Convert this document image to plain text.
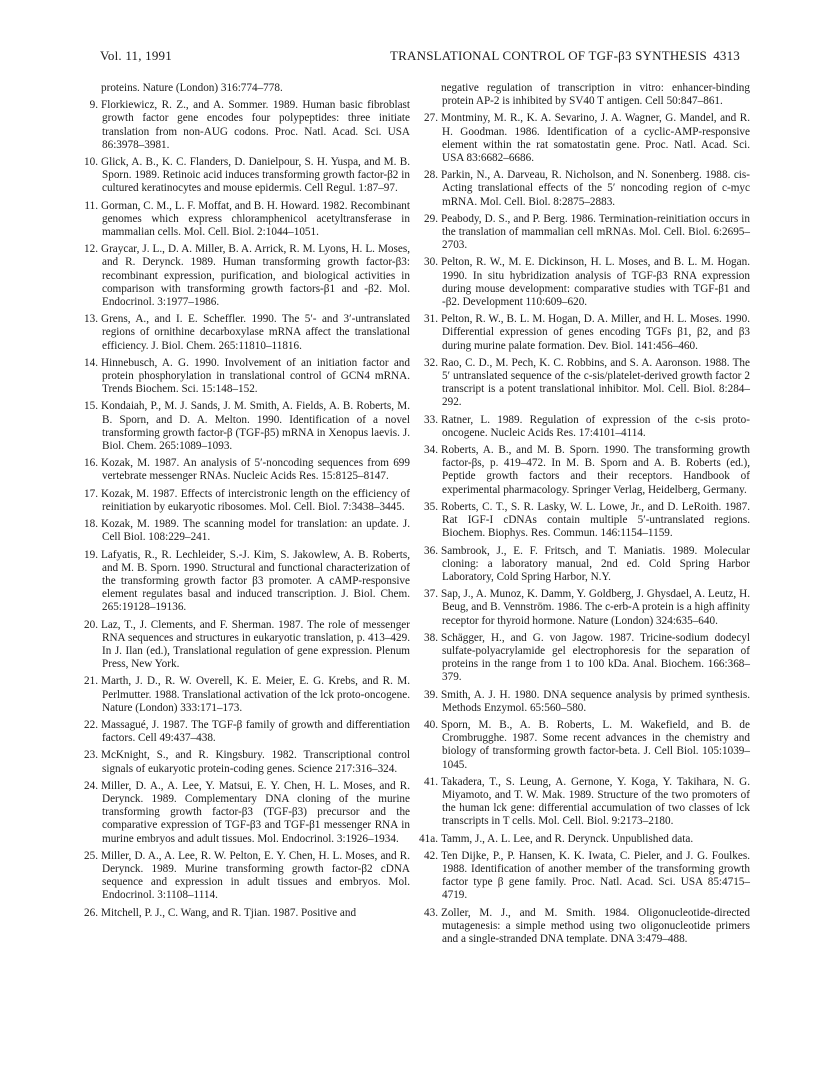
Vol. 11, 1991	TRANSLATIONAL CONTROL OF TGF-β3 SYNTHESIS 4313
proteins. Nature (London) 316:774–778.
9. Florkiewicz, R. Z., and A. Sommer. 1989. Human basic fibroblast growth factor gene encodes four polypeptides: three initiate translation from non-AUG codons. Proc. Natl. Acad. Sci. USA 86:3978–3981.
10. Glick, A. B., K. C. Flanders, D. Danielpour, S. H. Yuspa, and M. B. Sporn. 1989. Retinoic acid induces transforming growth factor-β2 in cultured keratinocytes and mouse epidermis. Cell Regul. 1:87–97.
11. Gorman, C. M., L. F. Moffat, and B. H. Howard. 1982. Recombinant genomes which express chloramphenicol acetyltransferase in mammalian cells. Mol. Cell. Biol. 2:1044–1051.
12. Graycar, J. L., D. A. Miller, B. A. Arrick, R. M. Lyons, H. L. Moses, and R. Derynck. 1989. Human transforming growth factor-β3: recombinant expression, purification, and biological activities in comparison with transforming growth factors-β1 and -β2. Mol. Endocrinol. 3:1977–1986.
13. Grens, A., and I. E. Scheffler. 1990. The 5′- and 3′-untranslated regions of ornithine decarboxylase mRNA affect the translational efficiency. J. Biol. Chem. 265:11810–11816.
14. Hinnebusch, A. G. 1990. Involvement of an initiation factor and protein phosphorylation in translational control of GCN4 mRNA. Trends Biochem. Sci. 15:148–152.
15. Kondaiah, P., M. J. Sands, J. M. Smith, A. Fields, A. B. Roberts, M. B. Sporn, and D. A. Melton. 1990. Identification of a novel transforming growth factor-β (TGF-β5) mRNA in Xenopus laevis. J. Biol. Chem. 265:1089–1093.
16. Kozak, M. 1987. An analysis of 5′-noncoding sequences from 699 vertebrate messenger RNAs. Nucleic Acids Res. 15:8125–8147.
17. Kozak, M. 1987. Effects of intercistronic length on the efficiency of reinitiation by eukaryotic ribosomes. Mol. Cell. Biol. 7:3438–3445.
18. Kozak, M. 1989. The scanning model for translation: an update. J. Cell Biol. 108:229–241.
19. Lafyatis, R., R. Lechleider, S.-J. Kim, S. Jakowlew, A. B. Roberts, and M. B. Sporn. 1990. Structural and functional characterization of the transforming growth factor β3 promoter. A cAMP-responsive element regulates basal and induced transcription. J. Biol. Chem. 265:19128–19136.
20. Laz, T., J. Clements, and F. Sherman. 1987. The role of messenger RNA sequences and structures in eukaryotic translation, p. 413–429. In J. Ilan (ed.), Translational regulation of gene expression. Plenum Press, New York.
21. Marth, J. D., R. W. Overell, K. E. Meier, E. G. Krebs, and R. M. Perlmutter. 1988. Translational activation of the lck proto-oncogene. Nature (London) 333:171–173.
22. Massagué, J. 1987. The TGF-β family of growth and differentiation factors. Cell 49:437–438.
23. McKnight, S., and R. Kingsbury. 1982. Transcriptional control signals of eukaryotic protein-coding genes. Science 217:316–324.
24. Miller, D. A., A. Lee, Y. Matsui, E. Y. Chen, H. L. Moses, and R. Derynck. 1989. Complementary DNA cloning of the murine transforming growth factor-β3 (TGF-β3) precursor and the comparative expression of TGF-β3 and TGF-β1 messenger RNA in murine embryos and adult tissues. Mol. Endocrinol. 3:1926–1934.
25. Miller, D. A., A. Lee, R. W. Pelton, E. Y. Chen, H. L. Moses, and R. Derynck. 1989. Murine transforming growth factor-β2 cDNA sequence and expression in adult tissues and embryos. Mol. Endocrinol. 3:1108–1114.
26. Mitchell, P. J., C. Wang, and R. Tjian. 1987. Positive and
negative regulation of transcription in vitro: enhancer-binding protein AP-2 is inhibited by SV40 T antigen. Cell 50:847–861.
27. Montminy, M. R., K. A. Sevarino, J. A. Wagner, G. Mandel, and R. H. Goodman. 1986. Identification of a cyclic-AMP-responsive element within the rat somatostatin gene. Proc. Natl. Acad. Sci. USA 83:6682–6686.
28. Parkin, N., A. Darveau, R. Nicholson, and N. Sonenberg. 1988. cis-Acting translational effects of the 5′ noncoding region of c-myc mRNA. Mol. Cell. Biol. 8:2875–2883.
29. Peabody, D. S., and P. Berg. 1986. Termination-reinitiation occurs in the translation of mammalian cell mRNAs. Mol. Cell. Biol. 6:2695–2703.
30. Pelton, R. W., M. E. Dickinson, H. L. Moses, and B. L. M. Hogan. 1990. In situ hybridization analysis of TGF-β3 RNA expression during mouse development: comparative studies with TGF-β1 and -β2. Development 110:609–620.
31. Pelton, R. W., B. L. M. Hogan, D. A. Miller, and H. L. Moses. 1990. Differential expression of genes encoding TGFs β1, β2, and β3 during murine palate formation. Dev. Biol. 141:456–460.
32. Rao, C. D., M. Pech, K. C. Robbins, and S. A. Aaronson. 1988. The 5′ untranslated sequence of the c-sis/platelet-derived growth factor 2 transcript is a potent translational inhibitor. Mol. Cell. Biol. 8:284–292.
33. Ratner, L. 1989. Regulation of expression of the c-sis proto-oncogene. Nucleic Acids Res. 17:4101–4114.
34. Roberts, A. B., and M. B. Sporn. 1990. The transforming growth factor-βs, p. 419–472. In M. B. Sporn and A. B. Roberts (ed.), Peptide growth factors and their receptors. Handbook of experimental pharmacology. Springer Verlag, Heidelberg, Germany.
35. Roberts, C. T., S. R. Lasky, W. L. Lowe, Jr., and D. LeRoith. 1987. Rat IGF-I cDNAs contain multiple 5′-untranslated regions. Biochem. Biophys. Res. Commun. 146:1154–1159.
36. Sambrook, J., E. F. Fritsch, and T. Maniatis. 1989. Molecular cloning: a laboratory manual, 2nd ed. Cold Spring Harbor Laboratory, Cold Spring Harbor, N.Y.
37. Sap, J., A. Munoz, K. Damm, Y. Goldberg, J. Ghysdael, A. Leutz, H. Beug, and B. Vennström. 1986. The c-erb-A protein is a high affinity receptor for thyroid hormone. Nature (London) 324:635–640.
38. Schägger, H., and G. von Jagow. 1987. Tricine-sodium dodecyl sulfate-polyacrylamide gel electrophoresis for the separation of proteins in the range from 1 to 100 kDa. Anal. Biochem. 166:368–379.
39. Smith, A. J. H. 1980. DNA sequence analysis by primed synthesis. Methods Enzymol. 65:560–580.
40. Sporn, M. B., A. B. Roberts, L. M. Wakefield, and B. de Crombrugghe. 1987. Some recent advances in the chemistry and biology of transforming growth factor-beta. J. Cell Biol. 105:1039–1045.
41. Takadera, T., S. Leung, A. Gernone, Y. Koga, Y. Takihara, N. G. Miyamoto, and T. W. Mak. 1989. Structure of the two promoters of the human lck gene: differential accumulation of two classes of lck transcripts in T cells. Mol. Cell. Biol. 9:2173–2180.
41a. Tamm, J., A. L. Lee, and R. Derynck. Unpublished data.
42. Ten Dijke, P., P. Hansen, K. K. Iwata, C. Pieler, and J. G. Foulkes. 1988. Identification of another member of the transforming growth factor type β gene family. Proc. Natl. Acad. Sci. USA 85:4715–4719.
43. Zoller, M. J., and M. Smith. 1984. Oligonucleotide-directed mutagenesis: a simple method using two oligonucleotide primers and a single-stranded DNA template. DNA 3:479–488.
